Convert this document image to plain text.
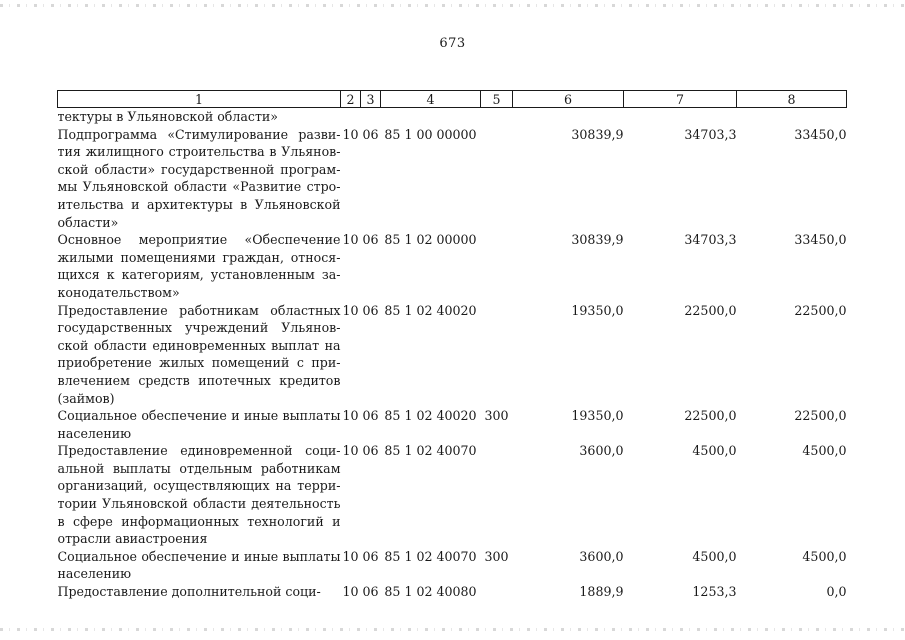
673
1	2	3	4	5	6	7	8
тектуры в Ульяновской области»							
Подпрограмма «Стимулирование разви-тия жилищного строительства в Ульянов-ской области» государственной програм-мы Ульяновской области «Развитие стро-ительства и архитектуры в Ульяновской области»	10	06	85 1 00 00000		30839,9	34703,3	33450,0
Основное мероприятие «Обеспечение жилыми помещениями граждан, относя-щихся к категориям, установленным за-конодательством»	10	06	85 1 02 00000		30839,9	34703,3	33450,0
Предоставление работникам областных государственных учреждений Ульянов-ской области единовременных выплат на приобретение жилых помещений с при-влечением средств ипотечных кредитов (займов)	10	06	85 1 02 40020		19350,0	22500,0	22500,0
Социальное обеспечение и иные выплаты населению	10	06	85 1 02 40020	300	19350,0	22500,0	22500,0
Предоставление единовременной соци-альной выплаты отдельным работникам организаций, осуществляющих на терри-тории Ульяновской области деятельность в сфере информационных технологий и отрасли авиастроения	10	06	85 1 02 40070		3600,0	4500,0	4500,0
Социальное обеспечение и иные выплаты населению	10	06	85 1 02 40070	300	3600,0	4500,0	4500,0
Предоставление дополнительной соци-	10	06	85 1 02 40080		1889,9	1253,3	0,0
